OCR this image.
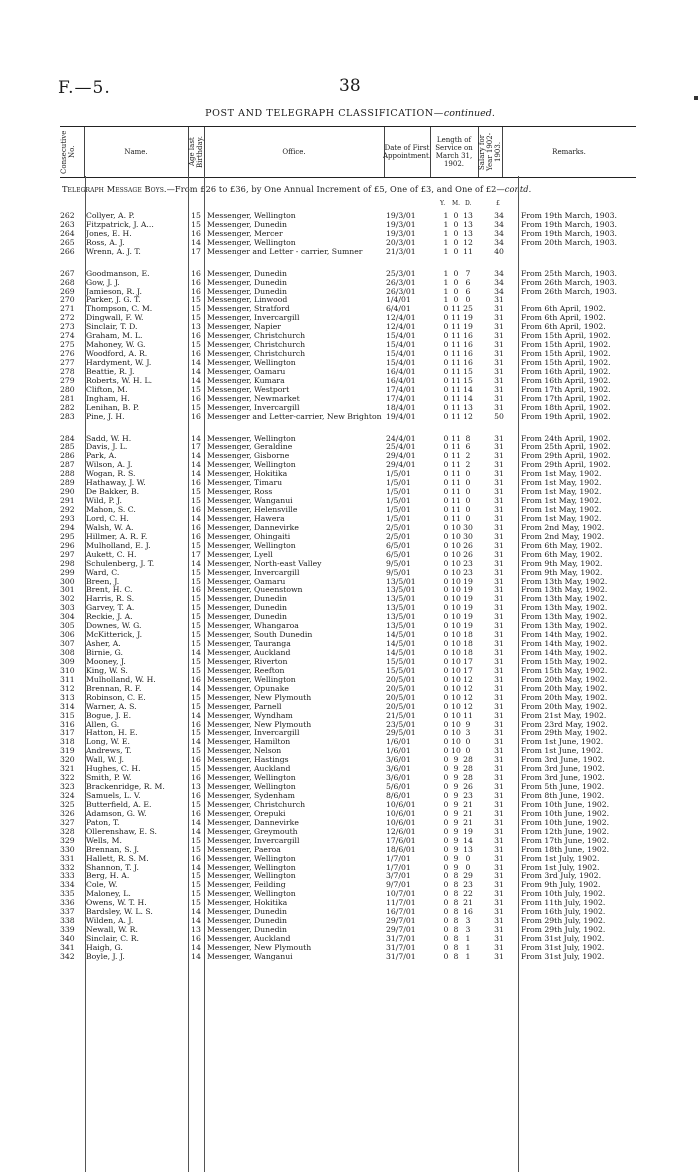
F.—5.	38
POST AND TELEGRAPH CLASSIFICATION—continued.
Consecutive No.	Name.	Age last Birthday.	Office.
Date of First Appointment.
Length of Service on March 31, 1902.	Salary for Year 1902-1903.	Remarks.
Telegraph Message Boys.—From £26 to £36, by One Annual Increment of £5, One of £3, and One of £2—contd.
Y. M. D.	£
262	Collyer, A. P.	15 Messenger, Wellington	19/3/01	1 0 13	34 From 19th March, 1903.
263	Fitzpatrick, J. A...	15 Messenger, Dunedin	19/3/01	1 0 13	34 From 19th March, 1903.
264	Jones, E. H.	16 Messenger, Mercer	19/3/01	1 0 13	34 From 19th March, 1903.
265	Ross, A. J.	14 Messenger, Wellington	20/3/01	1 0 12	34 From 20th March, 1903.
266	Wrenn, A. J. T.	17 Messenger and Letter - carrier, Sumner	21/3/01	1 0 11	40
267	Goodmanson, E.	16 Messenger, Dunedin	25/3/01	1 0 7	34 From 25th March, 1903.
268	Gow, J. J.	16 Messenger, Dunedin	26/3/01	1 0 6	34 From 26th March, 1903.
269	Jamieson, R. J.	16 Messenger, Dunedin	26/3/01	1 0 6	34 From 26th March, 1903.
270	Parker, J. G. T.	15 Messenger, Linwood	1/4/01	1 0 0	31
271	Thompson, C. M.	15 Messenger, Stratford	6/4/01	0 11 25	31 From 6th April, 1902.
272	Dingwall, F. W.	15 Messenger, Invercargill	12/4/01	0 11 19	31 From 6th April, 1902.
273	Sinclair, T. D.	13 Messenger, Napier	12/4/01	0 11 19	31 From 6th April, 1902.
274	Graham, M. L.	16 Messenger, Christchurch	15/4/01	0 11 16	31 From 15th April, 1902.
275	Mahoney, W. G.	15 Messenger, Christchurch	15/4/01	0 11 16	31 From 15th April, 1902.
276	Woodford, A. R.	16 Messenger, Christchurch	15/4/01	0 11 16	31 From 15th April, 1902.
277	Hardyment, W. J.	14 Messenger, Wellington	15/4/01	0 11 16	31 From 15th April, 1902.
278	Beattie, R. J.	14 Messenger, Oamaru	16/4/01	0 11 15	31 From 16th April, 1902.
279	Roberts, W. H. L.	14 Messenger, Kumara	16/4/01	0 11 15	31 From 16th April, 1902.
280	Clifton, M.	15 Messenger, Westport	17/4/01	0 11 14	31 From 17th April, 1902.
281	Ingham, H.	16 Messenger, Newmarket	17/4/01	0 11 14	31 From 17th April, 1902.
282	Lenihan, B. P.	15 Messenger, Invercargill	18/4/01	0 11 13	31 From 18th April, 1902.
283	Pine, J. H.	16 Messenger and Letter-carrier, New Brighton 19/4/01	0 11 12	50 From 19th April, 1902.
284	Sadd, W. H.	14 Messenger, Wellington	24/4/01	0 11 8	31 From 24th April, 1902.
285	Davis, J. L.	17 Messenger, Geraldine	25/4/01	0 11 6	31 From 25th April, 1902.
286	Park, A.	14 Messenger, Gisborne	29/4/01	0 11 2	31 From 29th April, 1902.
287	Wilson, A. J.	14 Messenger, Wellington	29/4/01	0 11 2	31 From 29th April, 1902.
288	Wogan, R. S.	14 Messenger, Hokitika	1/5/01	0 11 0	31 From 1st May, 1902.
289	Hathaway, J. W.	16 Messenger, Timaru	1/5/01	0 11 0	31 From 1st May, 1902.
290	De Bakker, B.	15 Messenger, Ross	1/5/01	0 11 0	31 From 1st May, 1902.
291	Wild, P. J.	15 Messenger, Wanganui	1/5/01	0 11 0	31 From 1st May, 1902.
292	Mahon, S. C.	16 Messenger, Helensville	1/5/01	0 11 0	31 From 1st May, 1902.
293	Lord, C. H.	14 Messenger, Hawera	1/5/01	0 11 0	31 From 1st May, 1902.
294	Walsh, W. A.	16 Messenger, Dannevirke	2/5/01	0 10 30	31 From 2nd May, 1902.
295	Hillmer, A. R. F.	16 Messenger, Ohingaiti	2/5/01	0 10 30	31 From 2nd May, 1902.
296	Mulholland, E. J.	15 Messenger, Wellington	6/5/01	0 10 26	31 From 6th May, 1902.
297	Aukett, C. H.	17 Messenger, Lyell	6/5/01	0 10 26	31 From 6th May, 1902.
298	Schulenberg, J. T.	14 Messenger, North-east Valley	9/5/01	0 10 23	31 From 9th May, 1902.
299	Ward, C.	15 Messenger, Invercargill	9/5/01	0 10 23	31 From 9th May, 1902.
300	Breen, J.	15 Messenger, Oamaru	13/5/01	0 10 19	31 From 13th May, 1902.
301	Brent, H. C.	16 Messenger, Queenstown	13/5/01	0 10 19	31 From 13th May, 1902.
302	Harris, R. S.	15 Messenger, Dunedin	13/5/01	0 10 19	31 From 13th May, 1902.
303	Garvey, T. A.	15 Messenger, Dunedin	13/5/01	0 10 19	31 From 13th May, 1902.
304	Reckie, J. A.	15 Messenger, Dunedin	13/5/01	0 10 19	31 From 13th May, 1902.
305	Downes, W. G.	15 Messenger, Whangaroa	13/5/01	0 10 19	31 From 13th May, 1902.
306	McKitterick, J.	15 Messenger, South Dunedin	14/5/01	0 10 18	31 From 14th May, 1902.
307	Asher, A.	15 Messenger, Tauranga	14/5/01	0 10 18	31 From 14th May, 1902.
308	Birnie, G.	14 Messenger, Auckland	14/5/01	0 10 18	31 From 14th May, 1902.
309	Mooney, J.	15 Messenger, Riverton	15/5/01	0 10 17	31 From 15th May, 1902.
310	King, W. S.	15 Messenger, Reefton	15/5/01	0 10 17	31 From 15th May, 1902.
311	Mulholland, W. H.	16 Messenger, Wellington	20/5/01	0 10 12	31 From 20th May, 1902.
312	Brennan, R. F.	14 Messenger, Opunake	20/5/01	0 10 12	31 From 20th May, 1902.
313	Robinson, C. E.	15 Messenger, New Plymouth	20/5/01	0 10 12	31 From 20th May, 1902.
314	Warner, A. S.	15 Messenger, Parnell	20/5/01	0 10 12	31 From 20th May, 1902.
315	Bogue, J. E.	14 Messenger, Wyndham	21/5/01	0 10 11	31 From 21st May, 1902.
316	Allen, G.	16 Messenger, New Plymouth	23/5/01	0 10 9	31 From 23rd May, 1902.
317	Hatton, H. E.	15 Messenger, Invercargill	29/5/01	0 10 3	31 From 29th May, 1902.
318	Long, W. E.	14 Messenger, Hamilton	1/6/01	0 10 0	31 From 1st June, 1902.
319	Andrews, T.	15 Messenger, Nelson	1/6/01	0 10 0	31 From 1st June, 1902.
320	Wall, W. J.	16 Messenger, Hastings	3/6/01	0 9 28	31 From 3rd June, 1902.
321	Hughes, C. H.	15 Messenger, Auckland	3/6/01	0 9 28	31 From 3rd June, 1902.
322	Smith, P. W.	16 Messenger, Wellington	3/6/01	0 9 28	31 From 3rd June, 1902.
323	Brackenridge, R. M.	13 Messenger, Wellington	5/6/01	0 9 26	31 From 5th June, 1902.
324	Samuels, L. V.	16 Messenger, Sydenham	8/6/01	0 9 23	31 From 8th June, 1902.
325	Butterfield, A. E.	15 Messenger, Christchurch	10/6/01	0 9 21	31 From 10th June, 1902.
326	Adamson, G. W.	16 Messenger, Orepuki	10/6/01	0 9 21	31 From 10th June, 1902.
327	Paton, T.	14 Messenger, Dannevirke	10/6/01	0 9 21	31 From 10th June, 1902.
328	Ollerenshaw, E. S.	14 Messenger, Greymouth	12/6/01	0 9 19	31 From 12th June, 1902.
329	Wells, M.	15 Messenger, Invercargill	17/6/01	0 9 14	31 From 17th June, 1902.
330	Brennan, S. J.	15 Messenger, Paeroa	18/6/01	0 9 13	31 From 18th June, 1902.
331	Hallett, R. S. M.	16 Messenger, Wellington	1/7/01	0 9 0	31 From 1st July, 1902.
332	Shannon, T. J.	14 Messenger, Wellington	1/7/01	0 9 0	31 From 1st July, 1902.
333	Berg, H. A.	15 Messenger, Wellington	3/7/01	0 8 29	31 From 3rd July, 1902.
334	Cole, W.	15 Messenger, Feilding	9/7/01	0 8 23	31 From 9th July, 1902.
335	Maloney, L.	15 Messenger, Wellington	10/7/01	0 8 22	31 From 10th July, 1902.
336	Owens, W. T. H.	15 Messenger, Hokitika	11/7/01	0 8 21	31 From 11th July, 1902.
337	Bardsley, W. L. S.	14 Messenger, Dunedin	16/7/01	0 8 16	31 From 16th July, 1902.
338	Wilden, A. J.	14 Messenger, Dunedin	29/7/01	0 8 3	31 From 29th July, 1902.
339	Newall, W. R.	13 Messenger, Dunedin	29/7/01	0 8 3	31 From 29th July, 1902.
340	Sinclair, C. R.	16 Messenger, Auckland	31/7/01	0 8 1	31 From 31st July, 1902.
341	Haigh, G.	14 Messenger, New Plymouth	31/7/01	0 8 1	31 From 31st July, 1902.
342	Boyle, J. J.	14 Messenger, Wanganui	31/7/01	0 8 1	31 From 31st July, 1902.
